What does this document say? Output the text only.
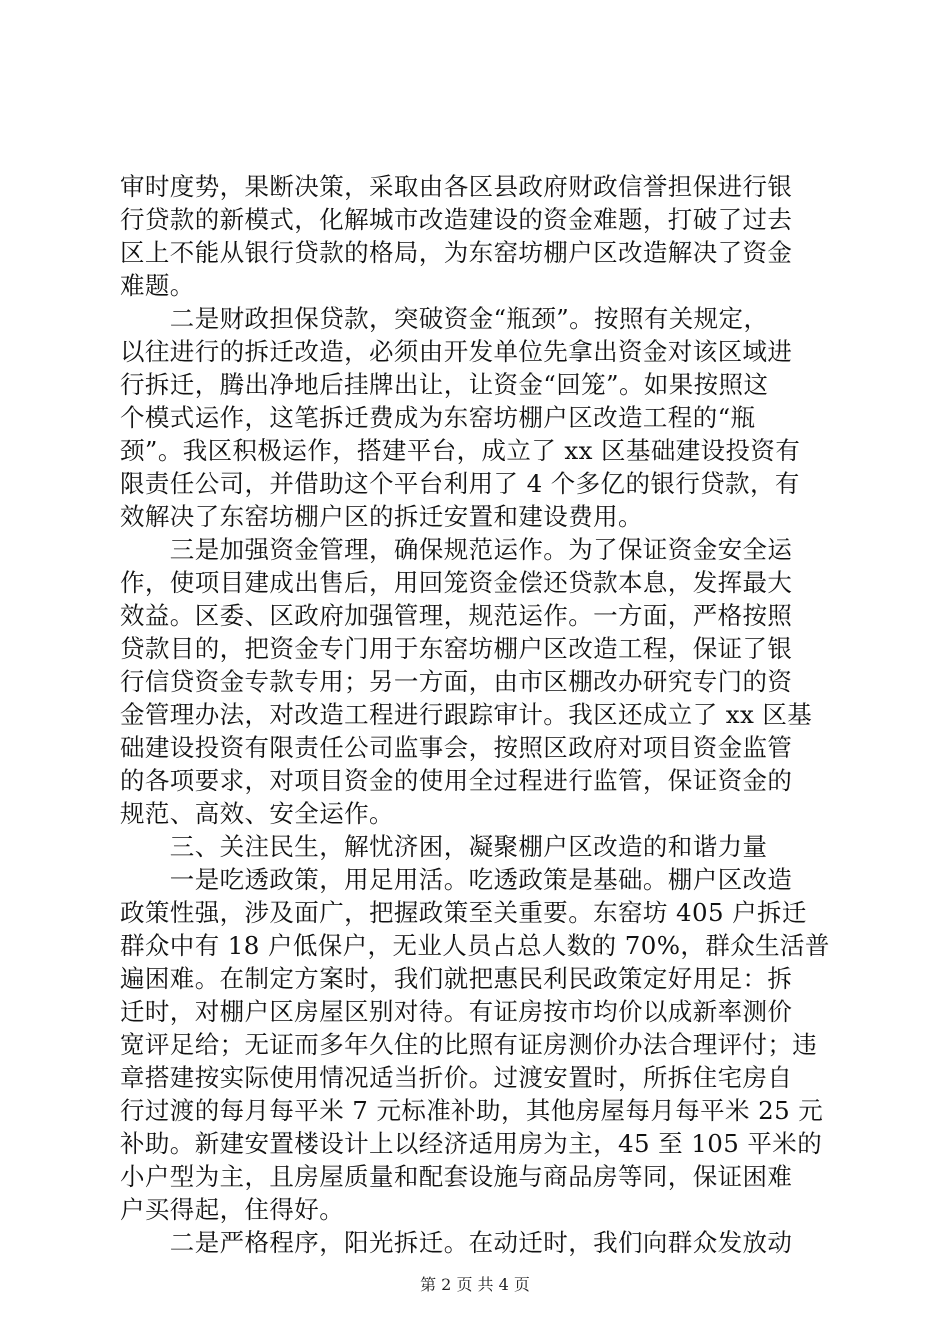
审时度势，果断决策，采取由各区县政府财政信誉担保进行银
行贷款的新模式，化解城市改造建设的资金难题，打破了过去
区上不能从银行贷款的格局，为东窑坊棚户区改造解决了资金
难题。
　　二是财政担保贷款，突破资金“瓶颈”。按照有关规定，
以往进行的拆迁改造，必须由开发单位先拿出资金对该区域进
行拆迁，腾出净地后挂牌出让，让资金“回笼”。如果按照这
个模式运作，这笔拆迁费成为东窑坊棚户区改造工程的“瓶
颈”。我区积极运作，搭建平台，成立了 xx 区基础建设投资有
限责任公司，并借助这个平台利用了 4 个多亿的银行贷款，有
效解决了东窑坊棚户区的拆迁安置和建设费用。
　　三是加强资金管理，确保规范运作。为了保证资金安全运
作，使项目建成出售后，用回笼资金偿还贷款本息，发挥最大
效益。区委、区政府加强管理，规范运作。一方面，严格按照
贷款目的，把资金专门用于东窑坊棚户区改造工程，保证了银
行信贷资金专款专用；另一方面，由市区棚改办研究专门的资
金管理办法，对改造工程进行跟踪审计。我区还成立了 xx 区基
础建设投资有限责任公司监事会，按照区政府对项目资金监管
的各项要求，对项目资金的使用全过程进行监管，保证资金的
规范、高效、安全运作。
　　三、关注民生，解忧济困，凝聚棚户区改造的和谐力量
　　一是吃透政策，用足用活。吃透政策是基础。棚户区改造
政策性强，涉及面广，把握政策至关重要。东窑坊 405 户拆迁
群众中有 18 户低保户，无业人员占总人数的 70%，群众生活普
遍困难。在制定方案时，我们就把惠民利民政策定好用足：拆
迁时，对棚户区房屋区别对待。有证房按市均价以成新率测价
宽评足给；无证而多年久住的比照有证房测价办法合理评付；违
章搭建按实际使用情况适当折价。过渡安置时，所拆住宅房自
行过渡的每月每平米 7 元标准补助，其他房屋每月每平米 25 元
补助。新建安置楼设计上以经济适用房为主，45 至 105 平米的
小户型为主，且房屋质量和配套设施与商品房等同，保证困难
户买得起，住得好。
　　二是严格程序，阳光拆迁。在动迁时，我们向群众发放动
第 2 页 共 4 页
